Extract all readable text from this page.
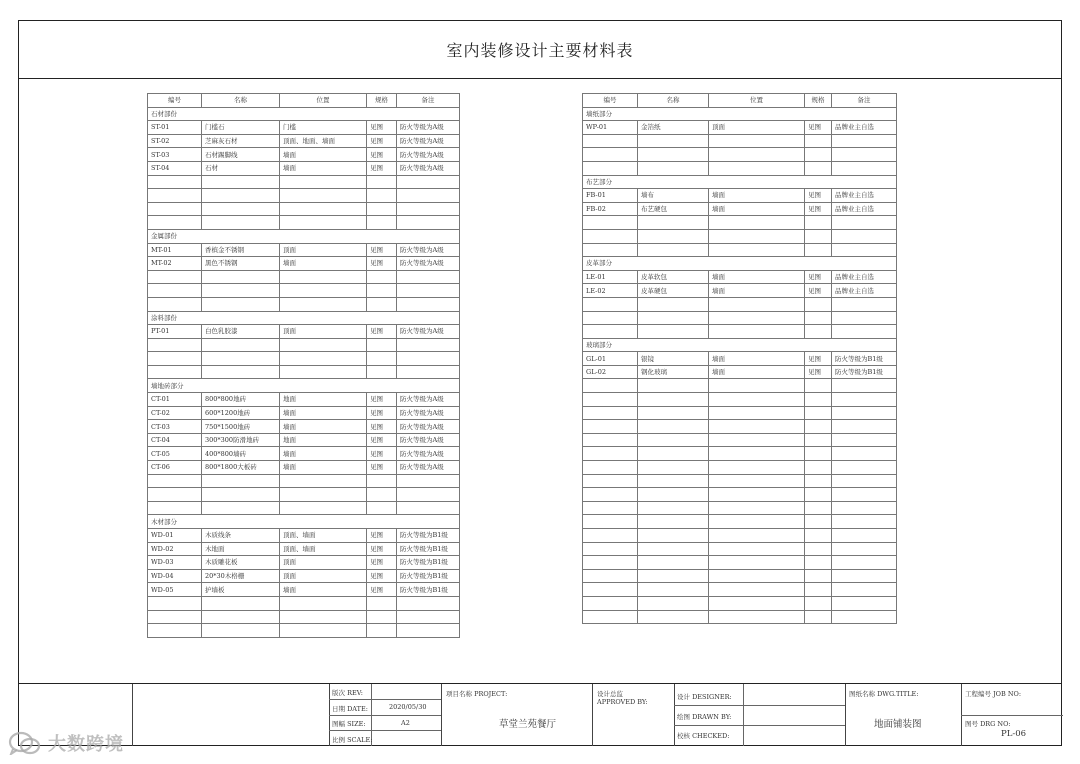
室内装修设计主要材料表
版次 REV:
日期 DATE:	2020/05/30
图幅 SIZE:	A2
比例 SCALE:
项目名称 PROJECT:
草堂兰苑餐厅
设计总监
APPROVED BY:
设计 DESIGNER:
绘图 DRAWN BY:
校核 CHECKED:
图纸名称 DWG.TITLE:
地面铺装图
工程编号 JOB NO:
图号 DRG NO:
PL-06
编号	名称	位置	规格	备注
石材部份				
ST-01	门槛石	门槛	见图	防火等级为A级
ST-02	芝麻灰石材	顶面、地面、墙面	见图	防火等级为A级
ST-03	石材踢脚线	墙面	见图	防火等级为A级
ST-04	石材	墙面	见图	防火等级为A级

金属部份				
MT-01	香槟金不锈钢	顶面	见图	防火等级为A级
MT-02	黑色不锈钢	墙面	见图	防火等级为A级

涂料部份				
PT-01	白色乳胶漆	顶面	见图	防火等级为A级

墙地砖部分				
CT-01	800*800地砖	地面	见图	防火等级为A级
CT-02	600*1200地砖	墙面	见图	防火等级为A级
CT-03	750*1500地砖	墙面	见图	防火等级为A级
CT-04	300*300防滑地砖	地面	见图	防火等级为A级
CT-05	400*800墙砖	墙面	见图	防火等级为A级
CT-06	800*1800大板砖	墙面	见图	防火等级为A级

木材部分				
WD-01	木质线条	顶面、墙面	见图	防火等级为B1级
WD-02	木地面	顶面、墙面	见图	防火等级为B1级
WD-03	木质雕花板	顶面	见图	防火等级为B1级
WD-04	20*30木格栅	顶面	见图	防火等级为B1级
WD-05	护墙板	墙面	见图	防火等级为B1级

编号	名称	位置	规格	备注
墙纸部分				
WP-01	金箔纸	顶面	见图	品牌业主自选

布艺部分				
FB-01	墙布	墙面	见图	品牌业主自选
FB-02	布艺硬包	墙面	见图	品牌业主自选

皮革部分				
LE-01	皮革软包	墙面	见图	品牌业主自选
LE-02	皮革硬包	墙面	见图	品牌业主自选

玻璃部分				
GL-01	银镜	墙面	见图	防火等级为B1级
GL-02	钢化玻璃	墙面	见图	防火等级为B1级

大数跨境
